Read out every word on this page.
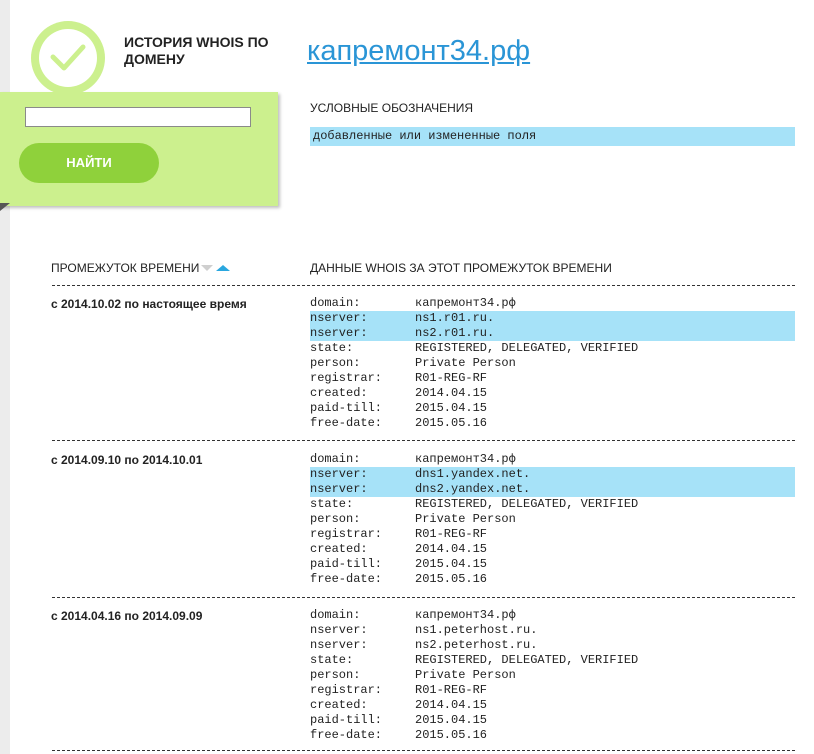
ИСТОРИЯ WHOIS ПО ДОМЕНУ
НАЙТИ
капремонт34.рф
УСЛОВНЫЕ ОБОЗНАЧЕНИЯ
добавленные или измененные поля
ПРОМЕЖУТОК ВРЕМЕНИ	ДАННЫЕ WHOIS ЗА ЭТОТ ПРОМЕЖУТОК ВРЕМЕНИ
с 2014.10.02 по настоящее время	domain:	капремонт34.рф
nserver:	ns1.r01.ru.
nserver:	ns2.r01.ru.
state:	REGISTERED, DELEGATED, VERIFIED
person:	Private Person
registrar:	R01-REG-RF
created:	2014.04.15
paid-till:	2015.04.15
free-date:	2015.05.16
с 2014.09.10 по 2014.10.01	domain:	капремонт34.рф
nserver:	dns1.yandex.net.
nserver:	dns2.yandex.net.
state:	REGISTERED, DELEGATED, VERIFIED
person:	Private Person
registrar:	R01-REG-RF
created:	2014.04.15
paid-till:	2015.04.15
free-date:	2015.05.16
с 2014.04.16 по 2014.09.09	domain:	капремонт34.рф
nserver:	ns1.peterhost.ru.
nserver:	ns2.peterhost.ru.
state:	REGISTERED, DELEGATED, VERIFIED
person:	Private Person
registrar:	R01-REG-RF
created:	2014.04.15
paid-till:	2015.04.15
free-date:	2015.05.16
